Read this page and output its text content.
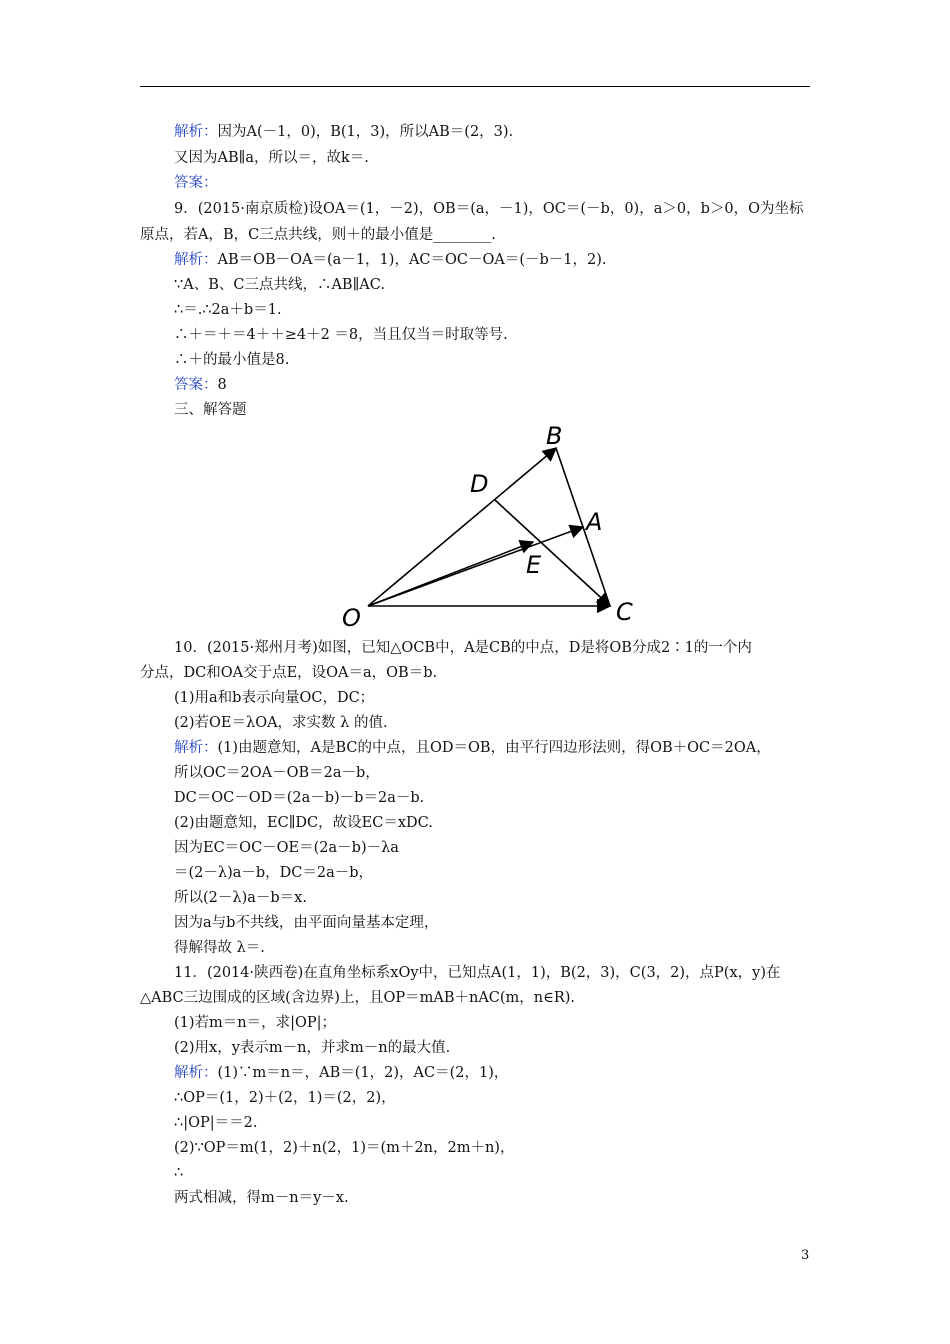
解析：因为A(－1，0)，B(1，3)，所以AB＝(2，3).
又因为AB∥a，所以＝，故k＝.
答案：
9．(2015·南京质检)设OA＝(1，－2)，OB＝(a，－1)，OC＝(－b，0)，a＞0，b＞0，O为坐标
原点，若A，B，C三点共线，则＋的最小值是________.
解析：AB＝OB－OA＝(a－1，1)，AC＝OC－OA＝(－b－1，2).
∵A、B、C三点共线，∴AB∥AC.
∴＝.∴2a＋b＝1.
∴＋＝＋＝4＋＋≥4＋2 ＝8，当且仅当＝时取等号.
∴＋的最小值是8.
答案：8
三、解答题
B
D
A
E
O	C
10．(2015·郑州月考)如图，已知△OCB中，A是CB的中点，D是将OB分成2∶1的一个内
分点，DC和OA交于点E，设OA＝a，OB＝b.
(1)用a和b表示向量OC，DC；
(2)若OE＝λOA，求实数 λ 的值.
解析：(1)由题意知，A是BC的中点，且OD＝OB，由平行四边形法则，得OB＋OC＝2OA，
所以OC＝2OA－OB＝2a－b，
DC＝OC－OD＝(2a－b)－b＝2a－b.
(2)由题意知，EC∥DC，故设EC＝xDC.
因为EC＝OC－OE＝(2a－b)－λa
＝(2－λ)a－b，DC＝2a－b，
所以(2－λ)a－b＝x.
因为a与b不共线，由平面向量基本定理，
得解得故 λ＝.
11．(2014·陕西卷)在直角坐标系xOy中，已知点A(1，1)，B(2，3)，C(3，2)，点P(x，y)在
△ABC三边围成的区域(含边界)上，且OP＝mAB＋nAC(m，n∈R).
(1)若m＝n＝，求|OP|；
(2)用x，y表示m－n，并求m－n的最大值.
解析：(1)∵m＝n＝，AB＝(1，2)，AC＝(2，1)，
∴OP＝(1，2)＋(2，1)＝(2，2)，
∴|OP|＝＝2.
(2)∵OP＝m(1，2)＋n(2，1)＝(m＋2n，2m＋n)，
∴
两式相减，得m－n＝y－x.
3
